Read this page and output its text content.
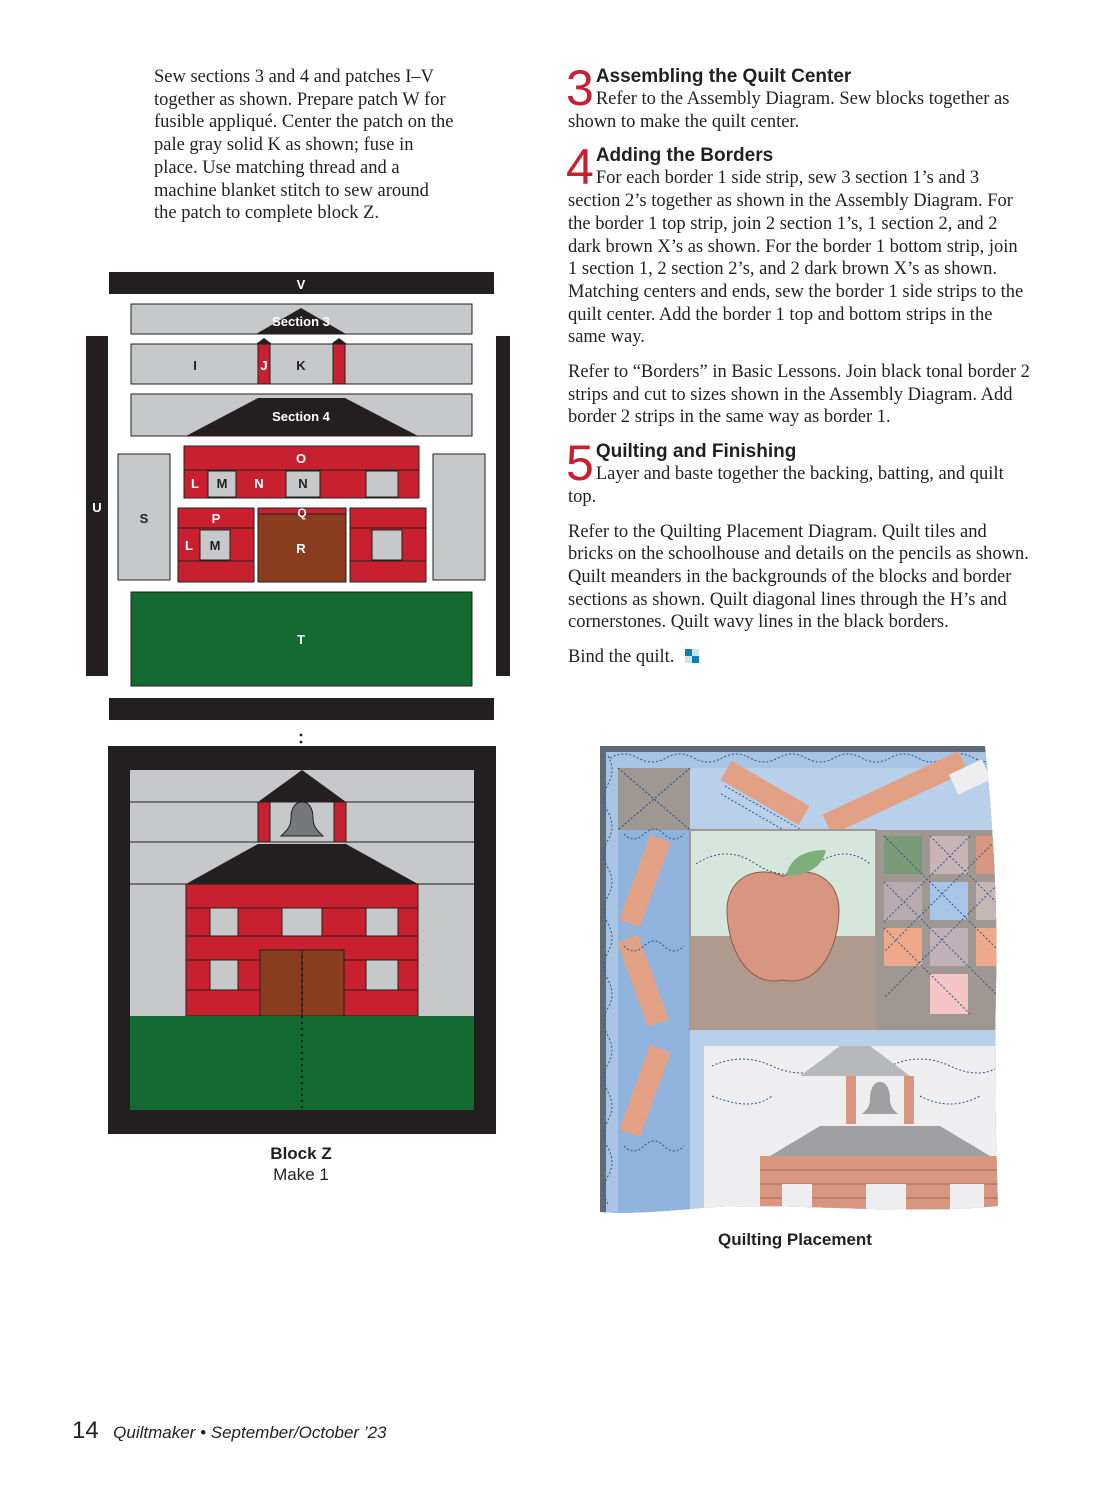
Sew sections 3 and 4 and patches I–V together as shown. Prepare patch W for fusible appliqué. Center the patch on the pale gray solid K as shown; fuse in place. Use matching thread and a machine blanket stitch to sew around the patch to complete block Z.

3 Assembling the Quilt Center
Refer to the Assembly Diagram. Sew blocks together as shown to make the quilt center.
4 Adding the Borders
For each border 1 side strip, sew 3 section 1’s and 3 section 2’s together as shown in the Assembly Diagram. For the border 1 top strip, join 2 section 1’s, 1 section 2, and 2 dark brown X’s as shown. For the border 1 bottom strip, join 1 section 1, 2 section 2’s, and 2 dark brown X’s as shown. Matching centers and ends, sew the border 1 side strips to the quilt center. Add the border 1 top and bottom strips in the same way.

Refer to “Borders” in Basic Lessons. Join black tonal border 2 strips and cut to sizes shown in the Assembly Diagram. Add border 2 strips in the same way as border 1.

5 Quilting and Finishing
Layer and baste together the backing, batting, and quilt top.

Refer to the Quilting Placement Diagram. Quilt tiles and bricks on the schoolhouse and details on the pencils as shown. Quilt meanders in the backgrounds of the blocks and border sections as shown. Quilt diagonal lines through the H’s and cornerstones. Quilt wavy lines in the black borders.

Bind the quilt.

V
Section 3
I	J K
Section 4
O
L M N	N
S
U
P
L M
Q
R
T
Block Z
Make 1
Quilting Placement
14 Quiltmaker • September/October ’23
